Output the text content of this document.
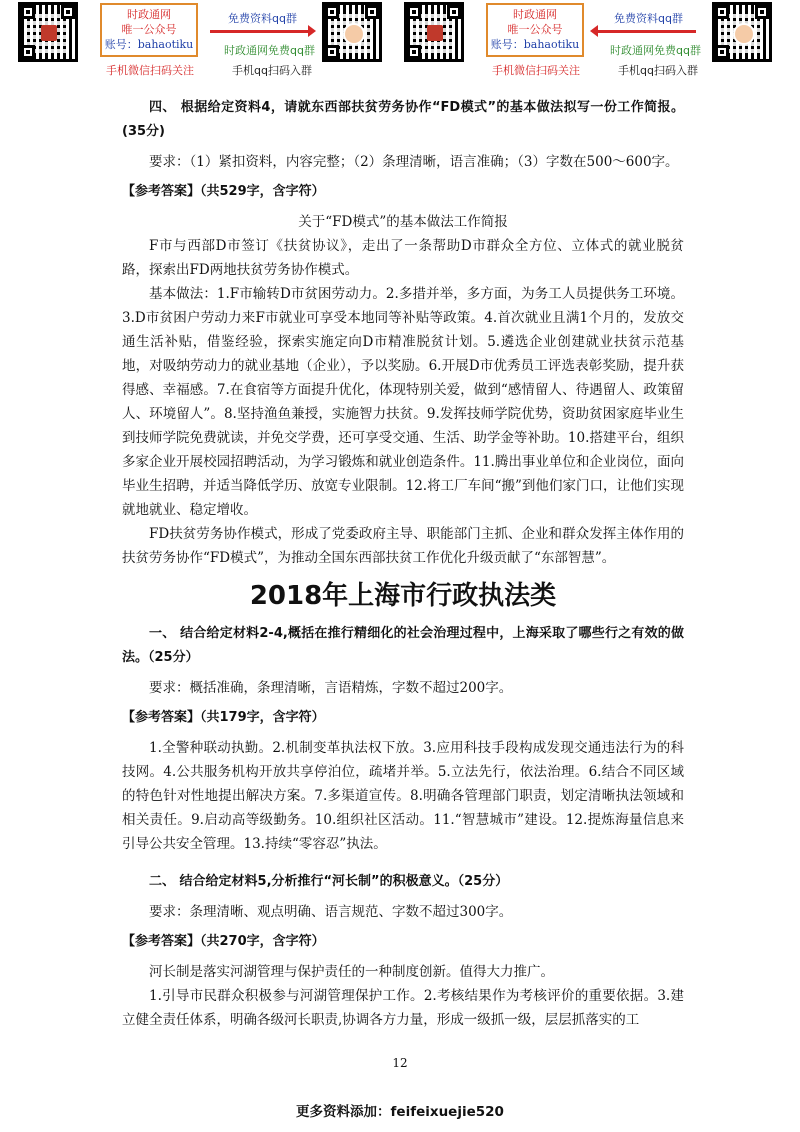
时政通网
唯一公众号
账号：bahaotiku
免费资料qq群
时政通网免费qq群
手机微信扫码关注	手机qq扫码入群
时政通网
唯一公众号
账号：bahaotiku
免费资料qq群
时政通网免费qq群
手机微信扫码关注	手机qq扫码入群

四、 根据给定资料4，请就东西部扶贫劳务协作“FD模式”的基本做法拟写一份工作简报。(35分)

要求：（1）紧扣资料，内容完整；（2）条理清晰，语言准确；（3）字数在500～600字。

【参考答案】（共529字，含字符）

关于“FD模式”的基本做法工作简报

F市与西部D市签订《扶贫协议》，走出了一条帮助D市群众全方位、立体式的就业脱贫路，探索出FD两地扶贫劳务协作模式。

基本做法：1.F市输转D市贫困劳动力。2.多措并举，多方面，为务工人员提供务工环境。3.D市贫困户劳动力来F市就业可享受本地同等补贴等政策。4.首次就业且满1个月的，发放交通生活补贴，借鉴经验，探索实施定向D市精准脱贫计划。5.遴选企业创建就业扶贫示范基地，对吸纳劳动力的就业基地（企业），予以奖励。6.开展D市优秀员工评选表彰奖励，提升获得感、幸福感。7.在食宿等方面提升优化，体现特别关爱，做到“感情留人、待遇留人、政策留人、环境留人”。8.坚持渔鱼兼授，实施智力扶贫。9.发挥技师学院优势，资助贫困家庭毕业生到技师学院免费就读，并免交学费，还可享受交通、生活、助学金等补助。10.搭建平台，组织多家企业开展校园招聘活动，为学习锻炼和就业创造条件。11.腾出事业单位和企业岗位，面向毕业生招聘，并适当降低学历、放宽专业限制。12.将工厂车间“搬”到他们家门口，让他们实现就地就业、稳定增收。

FD扶贫劳务协作模式，形成了党委政府主导、职能部门主抓、企业和群众发挥主体作用的扶贫劳务协作“FD模式”，为推动全国东西部扶贫工作优化升级贡献了“东部智慧”。

2018年上海市行政执法类

一、 结合给定材料2-4,概括在推行精细化的社会治理过程中，上海采取了哪些行之有效的做法。（25分）

要求：概括准确，条理清晰，言语精炼，字数不超过200字。

【参考答案】（共179字，含字符）

1.全警种联动执勤。2.机制变革执法权下放。3.应用科技手段构成发现交通违法行为的科技网。4.公共服务机构开放共享停泊位，疏堵并举。5.立法先行，依法治理。6.结合不同区域的特色针对性地提出解决方案。7.多渠道宣传。8.明确各管理部门职责，划定清晰执法领域和相关责任。9.启动高等级勤务。10.组织社区活动。11.“智慧城市”建设。12.提炼海量信息来引导公共安全管理。13.持续“零容忍”执法。

二、 结合给定材料5,分析推行“河长制”的积极意义。（25分）

要求：条理清晰、观点明确、语言规范、字数不超过300字。

【参考答案】（共270字，含字符）

河长制是落实河湖管理与保护责任的一种制度创新。值得大力推广。

1.引导市民群众积极参与河湖管理保护工作。2.考核结果作为考核评价的重要依据。3.建立健全责任体系，明确各级河长职责,协调各方力量，形成一级抓一级，层层抓落实的工

12
更多资料添加：feifeixuejie520
